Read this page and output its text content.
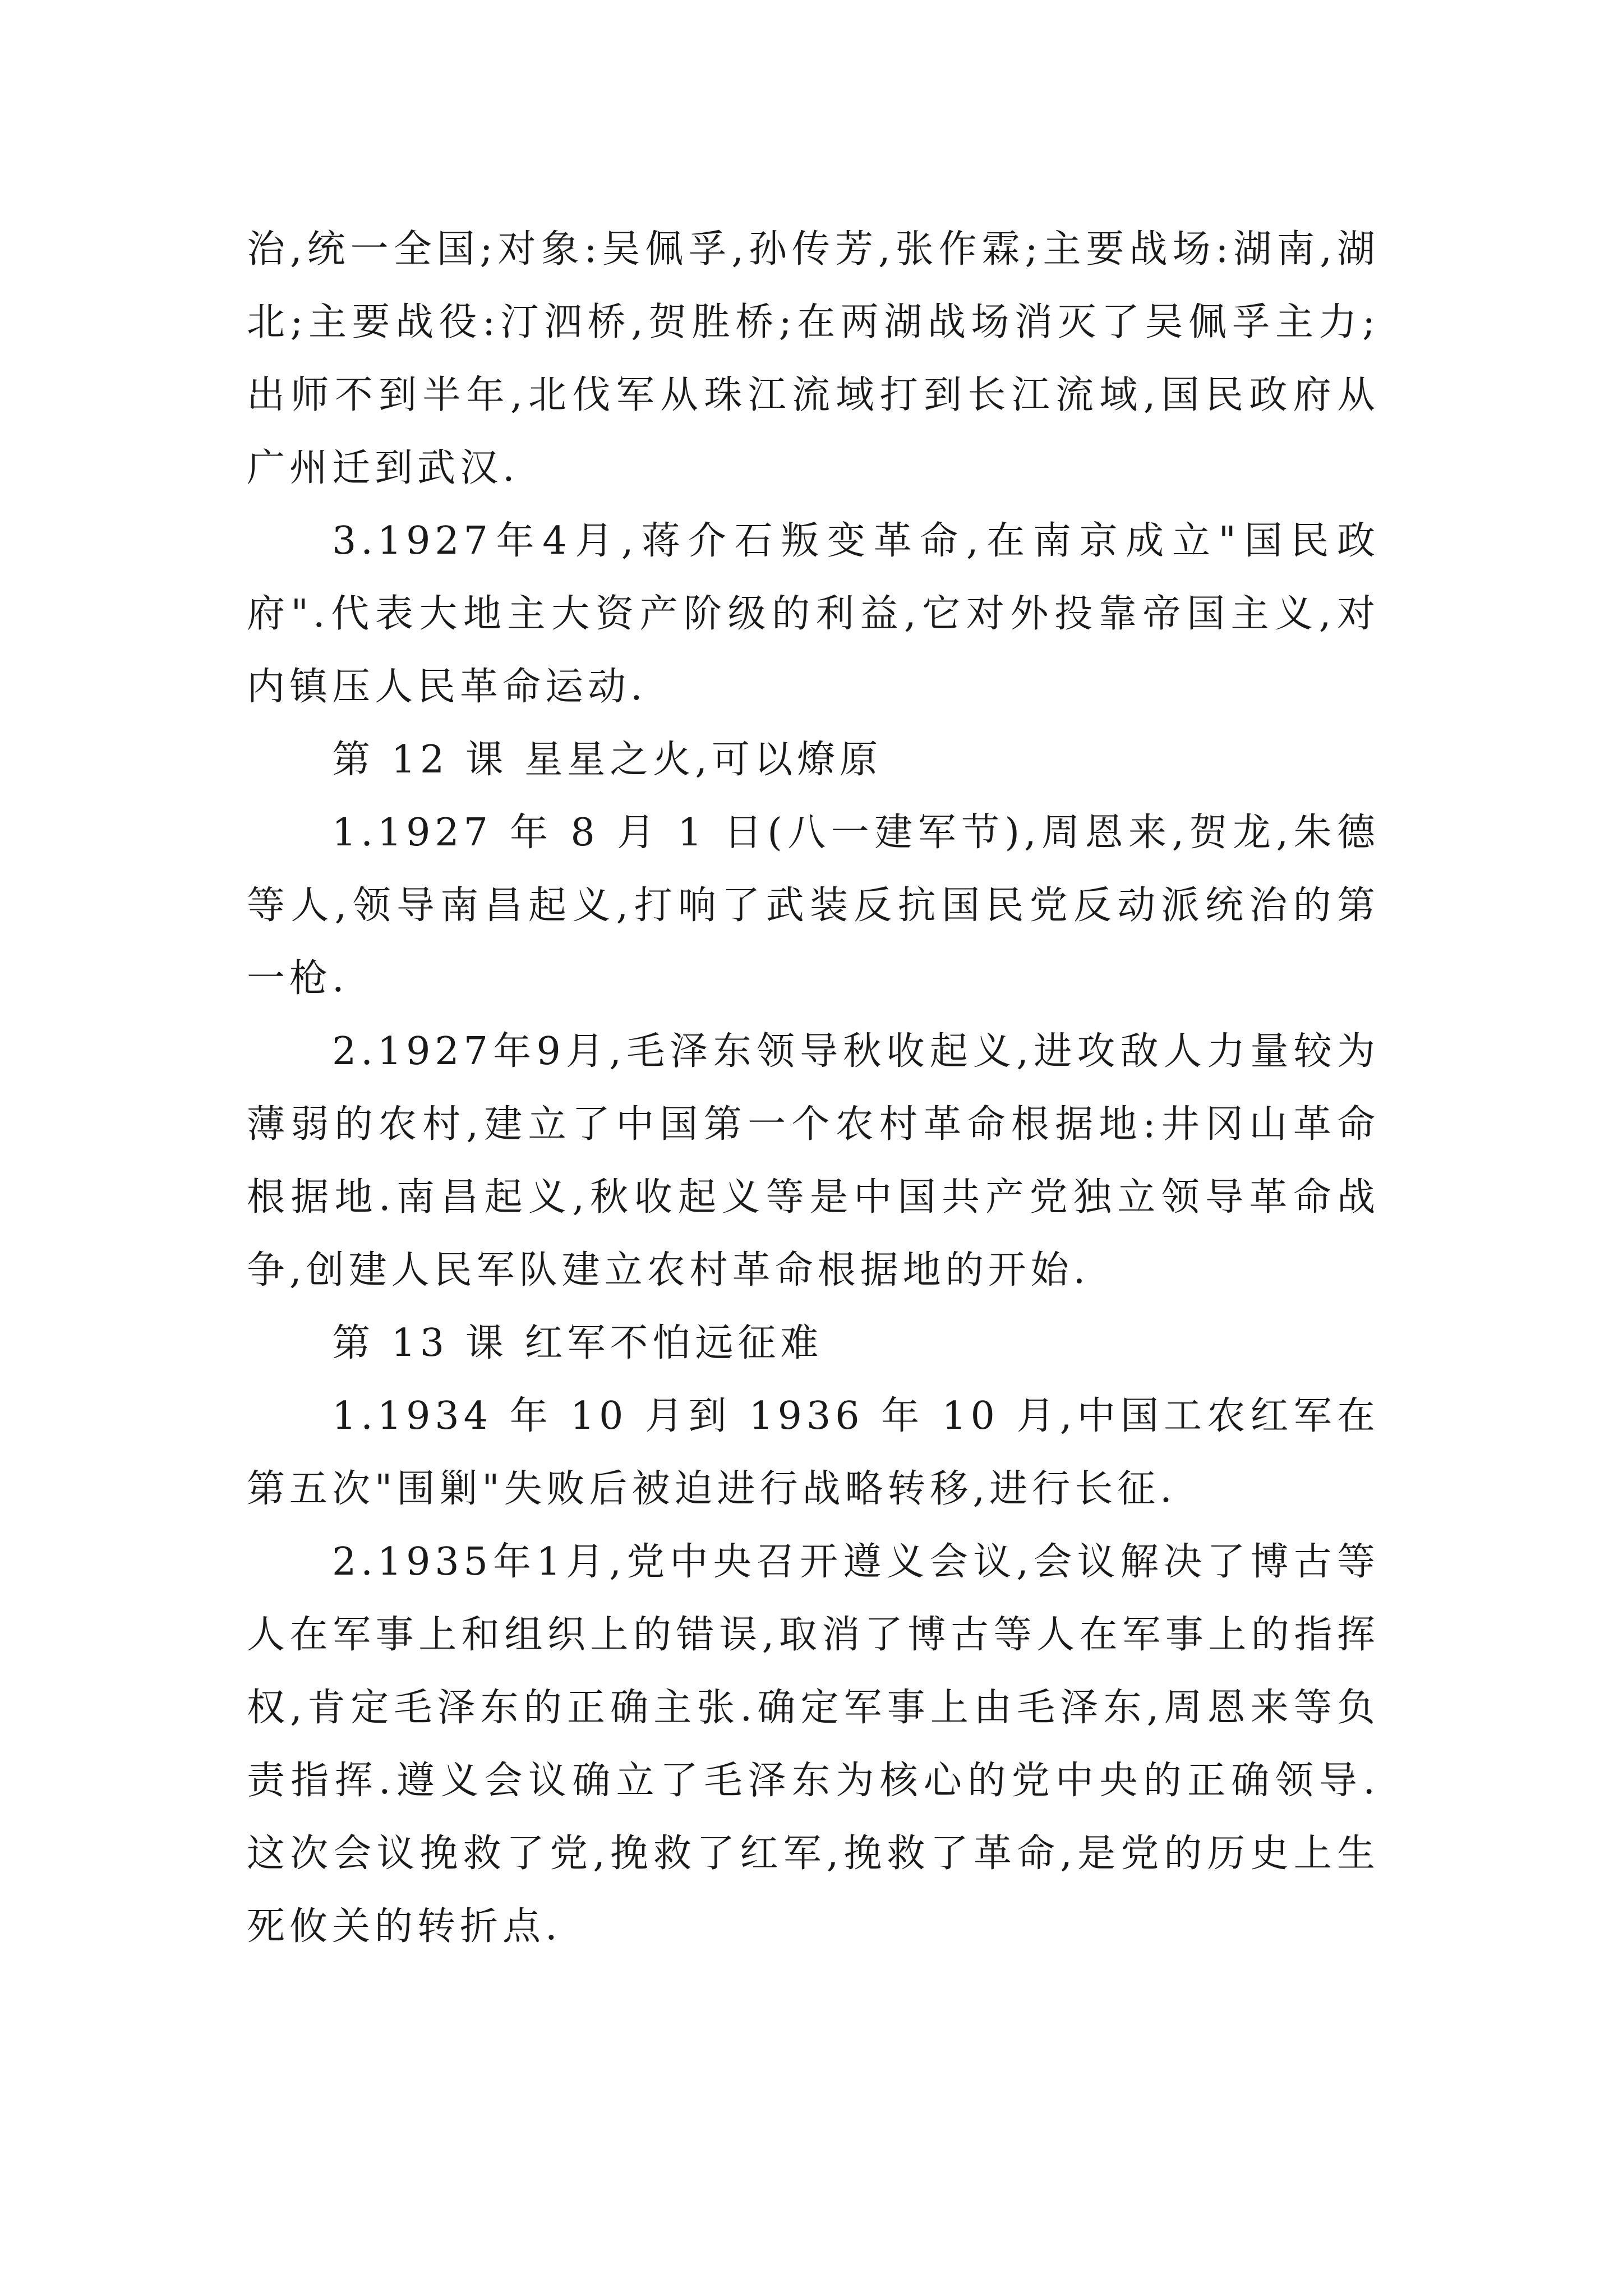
治,统一全国;对象:吴佩孚,孙传芳,张作霖;主要战场:湖南,湖北;主要战役:汀泗桥,贺胜桥;在两湖战场消灭了吴佩孚主力;出师不到半年,北伐军从珠江流域打到长江流域,国民政府从广州迁到武汉.

3.1927年4月,蒋介石叛变革命,在南京成立"国民政府".代表大地主大资产阶级的利益,它对外投靠帝国主义,对内镇压人民革命运动.

第 12 课 星星之火,可以燎原

1.1927 年 8 月 1 日(八一建军节),周恩来,贺龙,朱德等人,领导南昌起义,打响了武装反抗国民党反动派统治的第一枪.

2.1927年9月,毛泽东领导秋收起义,进攻敌人力量较为薄弱的农村,建立了中国第一个农村革命根据地:井冈山革命根据地.南昌起义,秋收起义等是中国共产党独立领导革命战争,创建人民军队建立农村革命根据地的开始.

第 13 课 红军不怕远征难

1.1934 年 10 月到 1936 年 10 月,中国工农红军在第五次"围剿"失败后被迫进行战略转移,进行长征.

2.1935年1月,党中央召开遵义会议,会议解决了博古等人在军事上和组织上的错误,取消了博古等人在军事上的指挥权,肯定毛泽东的正确主张.确定军事上由毛泽东,周恩来等负责指挥.遵义会议确立了毛泽东为核心的党中央的正确领导.这次会议挽救了党,挽救了红军,挽救了革命,是党的历史上生死攸关的转折点.
